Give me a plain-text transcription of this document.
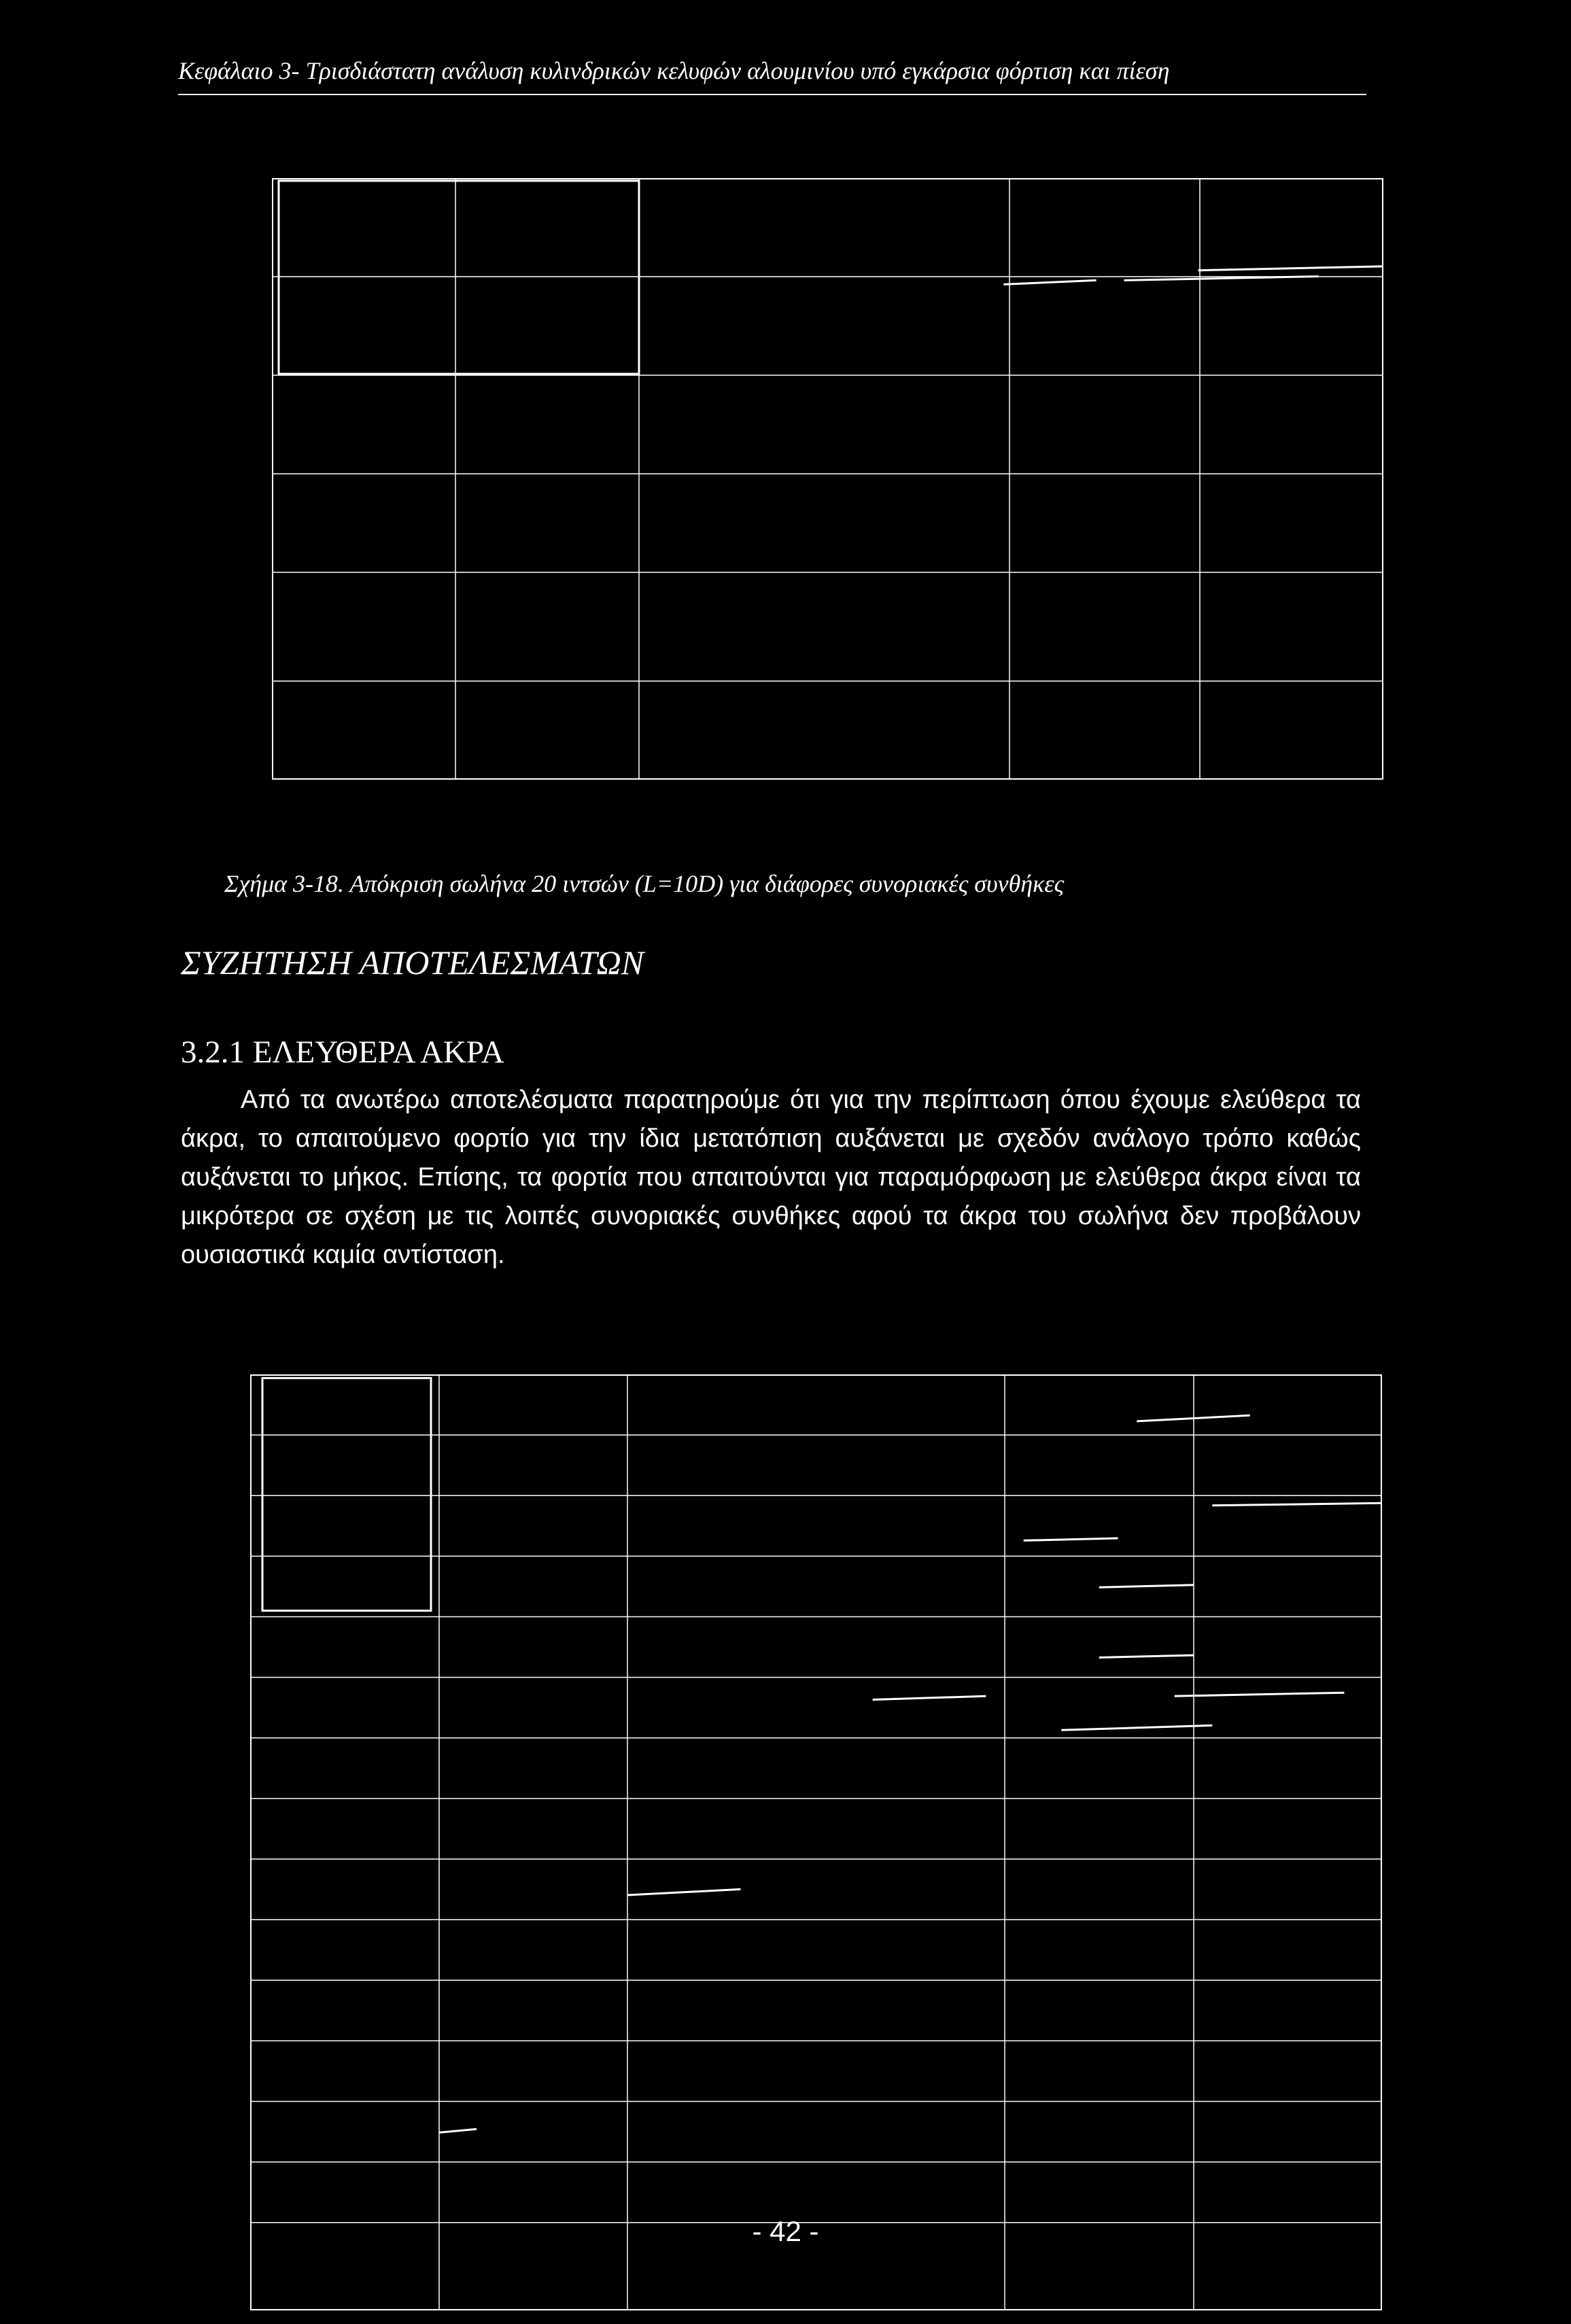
Κεφάλαιο 3- Τρισδιάστατη ανάλυση κυλινδρικών κελυφών αλουμινίου υπό εγκάρσια φόρτιση και πίεση
Σχήμα 3-18. Απόκριση σωλήνα 20 ιντσών (L=10D) για διάφορες συνοριακές συνθήκες
ΣΥΖΗΤΗΣΗ ΑΠΟΤΕΛΕΣΜΑΤΩΝ
3.2.1 ΕΛΕΥΘΕΡΑ ΑΚΡΑ
Από τα ανωτέρω αποτελέσματα παρατηρούμε ότι για την περίπτωση όπου έχουμε ελεύθερα τα άκρα, το απαιτούμενο φορτίο για την ίδια μετατόπιση αυξάνεται με σχεδόν ανάλογο τρόπο καθώς αυξάνεται το μήκος. Επίσης, τα φορτία που απαιτούνται για παραμόρφωση με ελεύθερα άκρα είναι τα μικρότερα σε σχέση με τις λοιπές συνοριακές συνθήκες αφού τα άκρα του σωλήνα δεν προβάλουν ουσιαστικά καμία αντίσταση.
- 42 -
